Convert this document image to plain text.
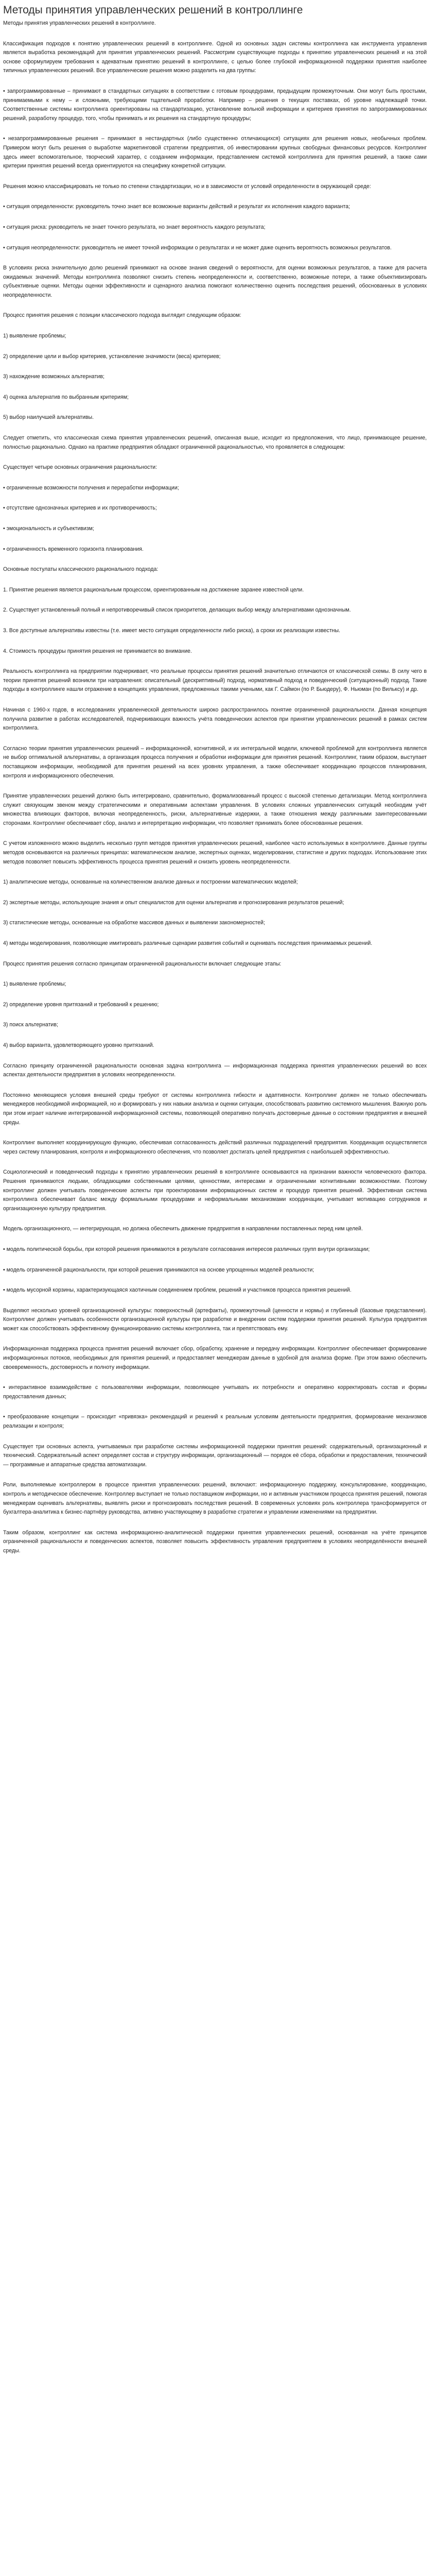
Методы принятия управленческих решений в контроллинге
Методы принятия управленческих решений в контроллинге.

Классификация подходов к понятию управленческих решений в контроллинге. Одной из основных задач системы контроллинга как инструмента управления является выработка рекомендаций для принятия управленческих решений. Рассмотрим существующие подходы к принятию управленческих решений и на этой основе сформулируем требования к адекватным принятию решений в контроллинге, с целью более глубокой информационной поддержки принятия наиболее типичных управленческих решений. Все управленческие решения можно разделить на два группы:

• запрограммированные – принимают в стандартных ситуациях в соответствии с готовым процедурами, предыдущим промежуточным. Они могут быть простыми, принимаемыми к нему – и сложными, требующими тщательной проработки. Например – решения о текущих поставках, об уровне надлежащей точки. Соответственные системы контроллинга ориентированы на стандартизацию, установление вольной информации и критериев принятия по запрограммированных решений, разработку процедур, того, чтобы принимать и их решения на стандартную процедуры;

• незапрограммированные решения – принимают в нестандартных (либо существенно отличающихся) ситуациях для решения новых, необычных проблем. Примером могут быть решения о выработке маркетинговой стратегии предприятия, об инвестировании крупных свободных финансовых ресурсов. Контроллинг здесь имеет вспомогательное, творческий характер, с созданием информации, представлением системой контроллинга для принятия решений, а также сами критерии принятия решений всегда ориентируются на специфику конкретной ситуации.

Решения можно классифицировать не только по степени стандартизации, но и в зависимости от условий определенности в окружающей среде:

• ситуация определенности: руководитель точно знает все возможные варианты действий и результат их исполнения каждого варианта;

• ситуация риска: руководитель не знает точного результата, но знает вероятность каждого результата;

• ситуация неопределенности: руководитель не имеет точной информации о результатах и не может даже оценить вероятность возможных результатов.

В условиях риска значительную долю решений принимают на основе знания сведений о вероятности, для оценки возможных результатов, а также для расчета ожидаемых значений. Методы контроллинга позволяют снизить степень неопределенности и, соответственно, возможные потери, а также объективизировать субъективные оценки. Методы оценки эффективности и сценарного анализа помогают количественно оценить последствия решений, обоснованных в условиях неопределенности.

Процесс принятия решения с позиции классического подхода выглядит следующим образом:

1) выявление проблемы;

2) определение цели и выбор критериев, установление значимости (веса) критериев;

3) нахождение возможных альтернатив;

4) оценка альтернатив по выбранным критериям;

5) выбор наилучшей альтернативы.

Следует отметить, что классическая схема принятия управленческих решений, описанная выше, исходит из предположения, что лицо, принимающее решение, полностью рационально. Однако на практике предприятия обладают ограниченной рациональностью, что проявляется в следующем:

Существует четыре основных ограничения рациональности:

• ограниченные возможности получения и переработки информации;

• отсутствие однозначных критериев и их противоречивость;

• эмоциональность и субъективизм;

• ограниченность временного горизонта планирования.

Основные постулаты классического рационального подхода:

1. Принятие решения является рациональным процессом, ориентированным на достижение заранее известной цели.

2. Существует установленный полный и непротиворечивый список приоритетов, делающих выбор между альтернативами однозначным.

3. Все доступные альтернативы известны (т.е. имеет место ситуация определенности либо риска), а сроки их реализации известны.

4. Стоимость процедуры принятия решения не принимается во внимание.

Реальность контроллинга на предприятии подчеркивает, что реальные процессы принятия решений значительно отличаются от классической схемы. В силу чего в теории принятия решений возникли три направления: описательный (дескриптивный) подход, нормативный подход и поведенческий (ситуационный) подход. Такие подходы в контроллинге нашли отражение в концепциях управления, предложенных такими учеными, как Г. Саймон (по Р. Бьюдеру), Ф. Ньюман (по Вильксу) и др.

Начиная с 1960-х годов, в исследованиях управленческой деятельности широко распространилось понятие ограниченной рациональности. Данная концепция получила развитие в работах исследователей, подчеркивающих важность учёта поведенческих аспектов при принятии управленческих решений в рамках систем контроллинга.

Согласно теории принятия управленческих решений – информационной, когнитивной, и их интегральной модели, ключевой проблемой для контроллинга является не выбор оптимальной альтернативы, а организация процесса получения и обработки информации для принятия решений. Контроллинг, таким образом, выступает поставщиком информации, необходимой для принятия решений на всех уровнях управления, а также обеспечивает координацию процессов планирования, контроля и информационного обеспечения.

Принятие управленческих решений должно быть интегрировано, сравнительно, формализованный процесс с высокой степенью детализации. Метод контроллинга служит связующим звеном между стратегическими и оперативными аспектами управления. В условиях сложных управленческих ситуаций необходим учёт множества влияющих факторов, включая неопределенность, риски, альтернативные издержки, а также отношения между различными заинтересованными сторонами. Контроллинг обеспечивает сбор, анализ и интерпретацию информации, что позволяет принимать более обоснованные решения.

С учетом изложенного можно выделить несколько групп методов принятия управленческих решений, наиболее часто используемых в контроллинге. Данные группы методов основываются на различных принципах: математическом анализе, экспертных оценках, моделировании, статистике и других подходах. Использование этих методов позволяет повысить эффективность процесса принятия решений и снизить уровень неопределенности.

1) аналитические методы, основанные на количественном анализе данных и построении математических моделей;

2) экспертные методы, использующие знания и опыт специалистов для оценки альтернатив и прогнозирования результатов решений;

3) статистические методы, основанные на обработке массивов данных и выявлении закономерностей;

4) методы моделирования, позволяющие имитировать различные сценарии развития событий и оценивать последствия принимаемых решений.

Процесс принятия решения согласно принципам ограниченной рациональности включает следующие этапы:

1) выявление проблемы;

2) определение уровня притязаний и требований к решению;

3) поиск альтернатив;

4) выбор варианта, удовлетворяющего уровню притязаний.

Согласно принципу ограниченной рациональности основная задача контроллинга — информационная поддержка принятия управленческих решений во всех аспектах деятельности предприятия в условиях неопределенности.

Постоянно меняющиеся условия внешней среды требуют от системы контроллинга гибкости и адаптивности. Контроллинг должен не только обеспечивать менеджеров необходимой информацией, но и формировать у них навыки анализа и оценки ситуации, способствовать развитию системного мышления. Важную роль при этом играет наличие интегрированной информационной системы, позволяющей оперативно получать достоверные данные о состоянии предприятия и внешней среды.

Контроллинг выполняет координирующую функцию, обеспечивая согласованность действий различных подразделений предприятия. Координация осуществляется через систему планирования, контроля и информационного обеспечения, что позволяет достигать целей предприятия с наибольшей эффективностью.

Социологический и поведенческий подходы к принятию управленческих решений в контроллинге основываются на признании важности человеческого фактора. Решения принимаются людьми, обладающими собственными целями, ценностями, интересами и ограниченными когнитивными возможностями. Поэтому контроллинг должен учитывать поведенческие аспекты при проектировании информационных систем и процедур принятия решений. Эффективная система контроллинга обеспечивает баланс между формальными процедурами и неформальными механизмами координации, учитывает мотивацию сотрудников и организационную культуру предприятия.

Модель организационного, — интегрирующая, но должна обеспечить движение предприятия в направлении поставленных перед ним целей.

• модель политической борьбы, при которой решения принимаются в результате согласования интересов различных групп внутри организации;

• модель ограниченной рациональности, при которой решения принимаются на основе упрощенных моделей реальности;

• модель мусорной корзины, характеризующаяся хаотичным соединением проблем, решений и участников процесса принятия решений.

Выделяют несколько уровней организационной культуры: поверхностный (артефакты), промежуточный (ценности и нормы) и глубинный (базовые представления). Контроллинг должен учитывать особенности организационной культуры при разработке и внедрении систем поддержки принятия решений. Культура предприятия может как способствовать эффективному функционированию системы контроллинга, так и препятствовать ему.

Информационная поддержка процесса принятия решений включает сбор, обработку, хранение и передачу информации. Контроллинг обеспечивает формирование информационных потоков, необходимых для принятия решений, и предоставляет менеджерам данные в удобной для анализа форме. При этом важно обеспечить своевременность, достоверность и полноту информации.

• интерактивное взаимодействие с пользователями информации, позволяющее учитывать их потребности и оперативно корректировать состав и формы предоставления данных;

• преобразование концепции – происходит «привязка» рекомендаций и решений к реальным условиям деятельности предприятия, формирование механизмов реализации и контроля;

Существует три основных аспекта, учитываемых при разработке системы информационной поддержки принятия решений: содержательный, организационный и технический. Содержательный аспект определяет состав и структуру информации, организационный — порядок её сбора, обработки и предоставления, технический — программные и аппаратные средства автоматизации.

Роли, выполняемые контроллером в процессе принятия управленческих решений, включают: информационную поддержку, консультирование, координацию, контроль и методическое обеспечение. Контроллер выступает не только поставщиком информации, но и активным участником процесса принятия решений, помогая менеджерам оценивать альтернативы, выявлять риски и прогнозировать последствия решений. В современных условиях роль контроллера трансформируется от бухгалтера-аналитика к бизнес-партнёру руководства, активно участвующему в разработке стратегии и управлении изменениями на предприятии.

Таким образом, контроллинг как система информационно-аналитической поддержки принятия управленческих решений, основанная на учёте принципов ограниченной рациональности и поведенческих аспектов, позволяет повысить эффективность управления предприятием в условиях неопределённости внешней среды.
